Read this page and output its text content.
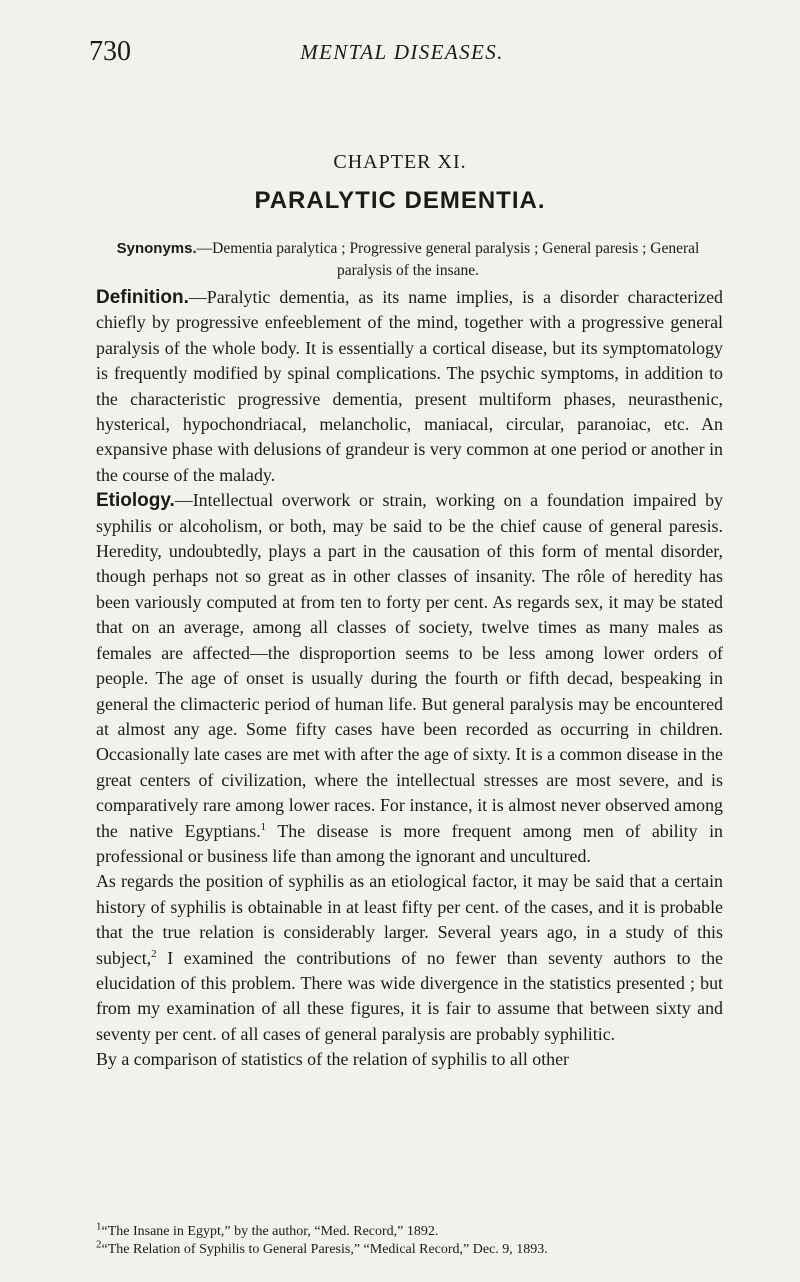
730	MENTAL DISEASES.
CHAPTER XI.
PARALYTIC DEMENTIA.
Synonyms.—Dementia paralytica ; Progressive general paralysis ; General paresis ; General paralysis of the insane.

Definition.—Paralytic dementia, as its name implies, is a disorder characterized chiefly by progressive enfeeblement of the mind, together with a progressive general paralysis of the whole body. It is essentially a cortical disease, but its symptomatology is frequently modified by spinal complications. The psychic symptoms, in addition to the characteristic progressive dementia, present multiform phases, neurasthenic, hysterical, hypochondriacal, melancholic, maniacal, circular, paranoiac, etc. An expansive phase with delusions of grandeur is very common at one period or another in the course of the malady.

Etiology.—Intellectual overwork or strain, working on a foundation impaired by syphilis or alcoholism, or both, may be said to be the chief cause of general paresis. Heredity, undoubtedly, plays a part in the causation of this form of mental disorder, though perhaps not so great as in other classes of insanity. The rôle of heredity has been variously computed at from ten to forty per cent. As regards sex, it may be stated that on an average, among all classes of society, twelve times as many males as females are affected—the disproportion seems to be less among lower orders of people. The age of onset is usually during the fourth or fifth decad, bespeaking in general the climacteric period of human life. But general paralysis may be encountered at almost any age. Some fifty cases have been recorded as occurring in children. Occasionally late cases are met with after the age of sixty. It is a common disease in the great centers of civilization, where the intellectual stresses are most severe, and is comparatively rare among lower races. For instance, it is almost never observed among the native Egyptians.$^1$ The disease is more frequent among men of ability in professional or business life than among the ignorant and uncultured.

As regards the position of syphilis as an etiological factor, it may be said that a certain history of syphilis is obtainable in at least fifty per cent. of the cases, and it is probable that the true relation is considerably larger. Several years ago, in a study of this subject,$^2$ I examined the contributions of no fewer than seventy authors to the elucidation of this problem. There was wide divergence in the statistics presented ; but from my examination of all these figures, it is fair to assume that between sixty and seventy per cent. of all cases of general paralysis are probably syphilitic.

By a comparison of statistics of the relation of syphilis to all other

$^1$“The Insane in Egypt,” by the author, “Med. Record,” 1892.

$^2$“The Relation of Syphilis to General Paresis,” “Medical Record,” Dec. 9, 1893.
